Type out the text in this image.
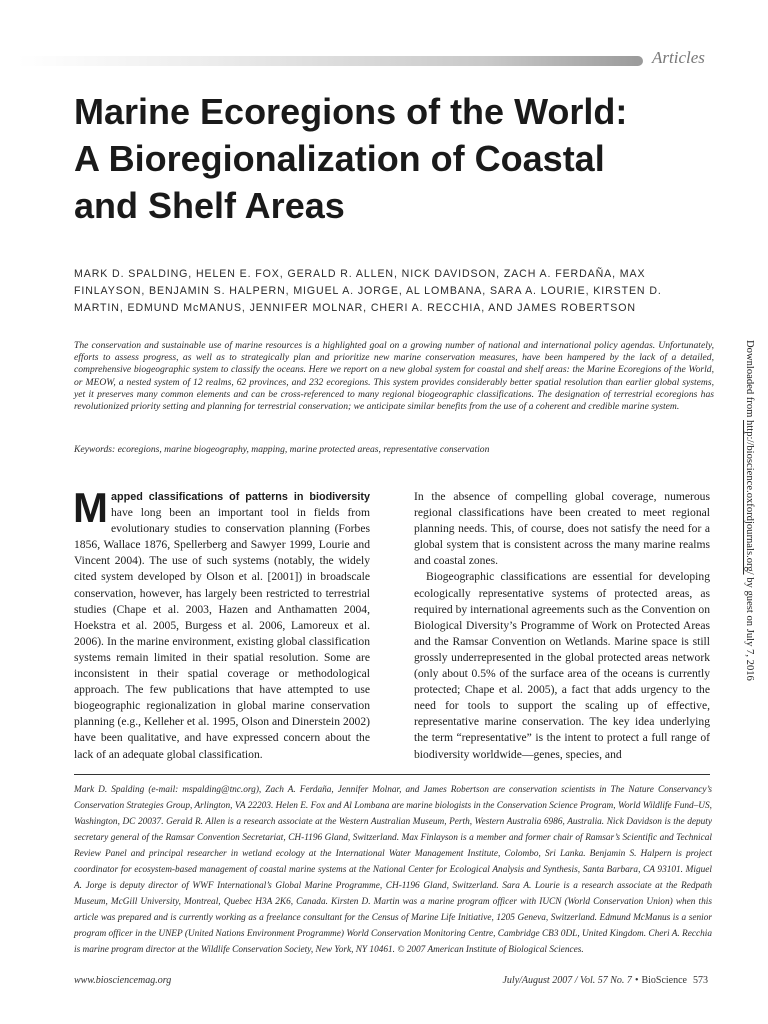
Articles
Marine Ecoregions of the World:
A Bioregionalization of Coastal
and Shelf Areas
MARK D. SPALDING, HELEN E. FOX, GERALD R. ALLEN, NICK DAVIDSON, ZACH A. FERDAÑA, MAX FINLAYSON, BENJAMIN S. HALPERN, MIGUEL A. JORGE, AL LOMBANA, SARA A. LOURIE, KIRSTEN D. MARTIN, EDMUND McMANUS, JENNIFER MOLNAR, CHERI A. RECCHIA, AND JAMES ROBERTSON
The conservation and sustainable use of marine resources is a highlighted goal on a growing number of national and international policy agendas. Unfortunately, efforts to assess progress, as well as to strategically plan and prioritize new marine conservation measures, have been hampered by the lack of a detailed, comprehensive biogeographic system to classify the oceans. Here we report on a new global system for coastal and shelf areas: the Marine Ecoregions of the World, or MEOW, a nested system of 12 realms, 62 provinces, and 232 ecoregions. This system provides considerably better spatial resolution than earlier global systems, yet it preserves many common elements and can be cross-referenced to many regional biogeographic classifications. The designation of terrestrial ecoregions has revolutionized priority setting and planning for terrestrial conservation; we anticipate similar benefits from the use of a coherent and credible marine system.
Keywords: ecoregions, marine biogeography, mapping, marine protected areas, representative conservation
Mapped classifications of patterns in biodiversity have long been an important tool in fields from evolutionary studies to conservation planning (Forbes 1856, Wallace 1876, Spellerberg and Sawyer 1999, Lourie and Vincent 2004). The use of such systems (notably, the widely cited system developed by Olson et al. [2001]) in broadscale conservation, however, has largely been restricted to terrestrial studies (Chape et al. 2003, Hazen and Anthamatten 2004, Hoekstra et al. 2005, Burgess et al. 2006, Lamoreux et al. 2006). In the marine environment, existing global classification systems remain limited in their spatial resolution. Some are inconsistent in their spatial coverage or methodological approach. The few publications that have attempted to use biogeographic regionalization in global marine conservation planning (e.g., Kelleher et al. 1995, Olson and Dinerstein 2002) have been qualitative, and have expressed concern about the lack of an adequate global classification.

In the absence of compelling global coverage, numerous regional classifications have been created to meet regional planning needs. This, of course, does not satisfy the need for a global system that is consistent across the many marine realms and coastal zones.

Biogeographic classifications are essential for developing ecologically representative systems of protected areas, as required by international agreements such as the Convention on Biological Diversity’s Programme of Work on Protected Areas and the Ramsar Convention on Wetlands. Marine space is still grossly underrepresented in the global protected areas network (only about 0.5% of the surface area of the oceans is currently protected; Chape et al. 2005), a fact that adds urgency to the need for tools to support the scaling up of effective, representative marine conservation. The key idea underlying the term “representative” is the intent to protect a full range of biodiversity worldwide—genes, species, and

Mark D. Spalding (e-mail: mspalding@tnc.org), Zach A. Ferdaña, Jennifer Molnar, and James Robertson are conservation scientists in The Nature Conservancy’s Conservation Strategies Group, Arlington, VA 22203. Helen E. Fox and Al Lombana are marine biologists in the Conservation Science Program, World Wildlife Fund–US, Washington, DC 20037. Gerald R. Allen is a research associate at the Western Australian Museum, Perth, Western Australia 6986, Australia. Nick Davidson is the deputy secretary general of the Ramsar Convention Secretariat, CH-1196 Gland, Switzerland. Max Finlayson is a member and former chair of Ramsar’s Scientific and Technical Review Panel and principal researcher in wetland ecology at the International Water Management Institute, Colombo, Sri Lanka. Benjamin S. Halpern is project coordinator for ecosystem-based management of coastal marine systems at the National Center for Ecological Analysis and Synthesis, Santa Barbara, CA 93101. Miguel A. Jorge is deputy director of WWF International’s Global Marine Programme, CH-1196 Gland, Switzerland. Sara A. Lourie is a research associate at the Redpath Museum, McGill University, Montreal, Quebec H3A 2K6, Canada. Kirsten D. Martin was a marine program officer with IUCN (World Conservation Union) when this article was prepared and is currently working as a freelance consultant for the Census of Marine Life Initiative, 1205 Geneva, Switzerland. Edmund McManus is a senior program officer in the UNEP (United Nations Environment Programme) World Conservation Monitoring Centre, Cambridge CB3 0DL, United Kingdom. Cheri A. Recchia is marine program director at the Wildlife Conservation Society, New York, NY 10461. © 2007 American Institute of Biological Sciences.
www.biosciencemag.org	July/August 2007 / Vol. 57 No. 7 • BioScience 573
Downloaded from http://bioscience.oxfordjournals.org/ by guest on July 7, 2016
